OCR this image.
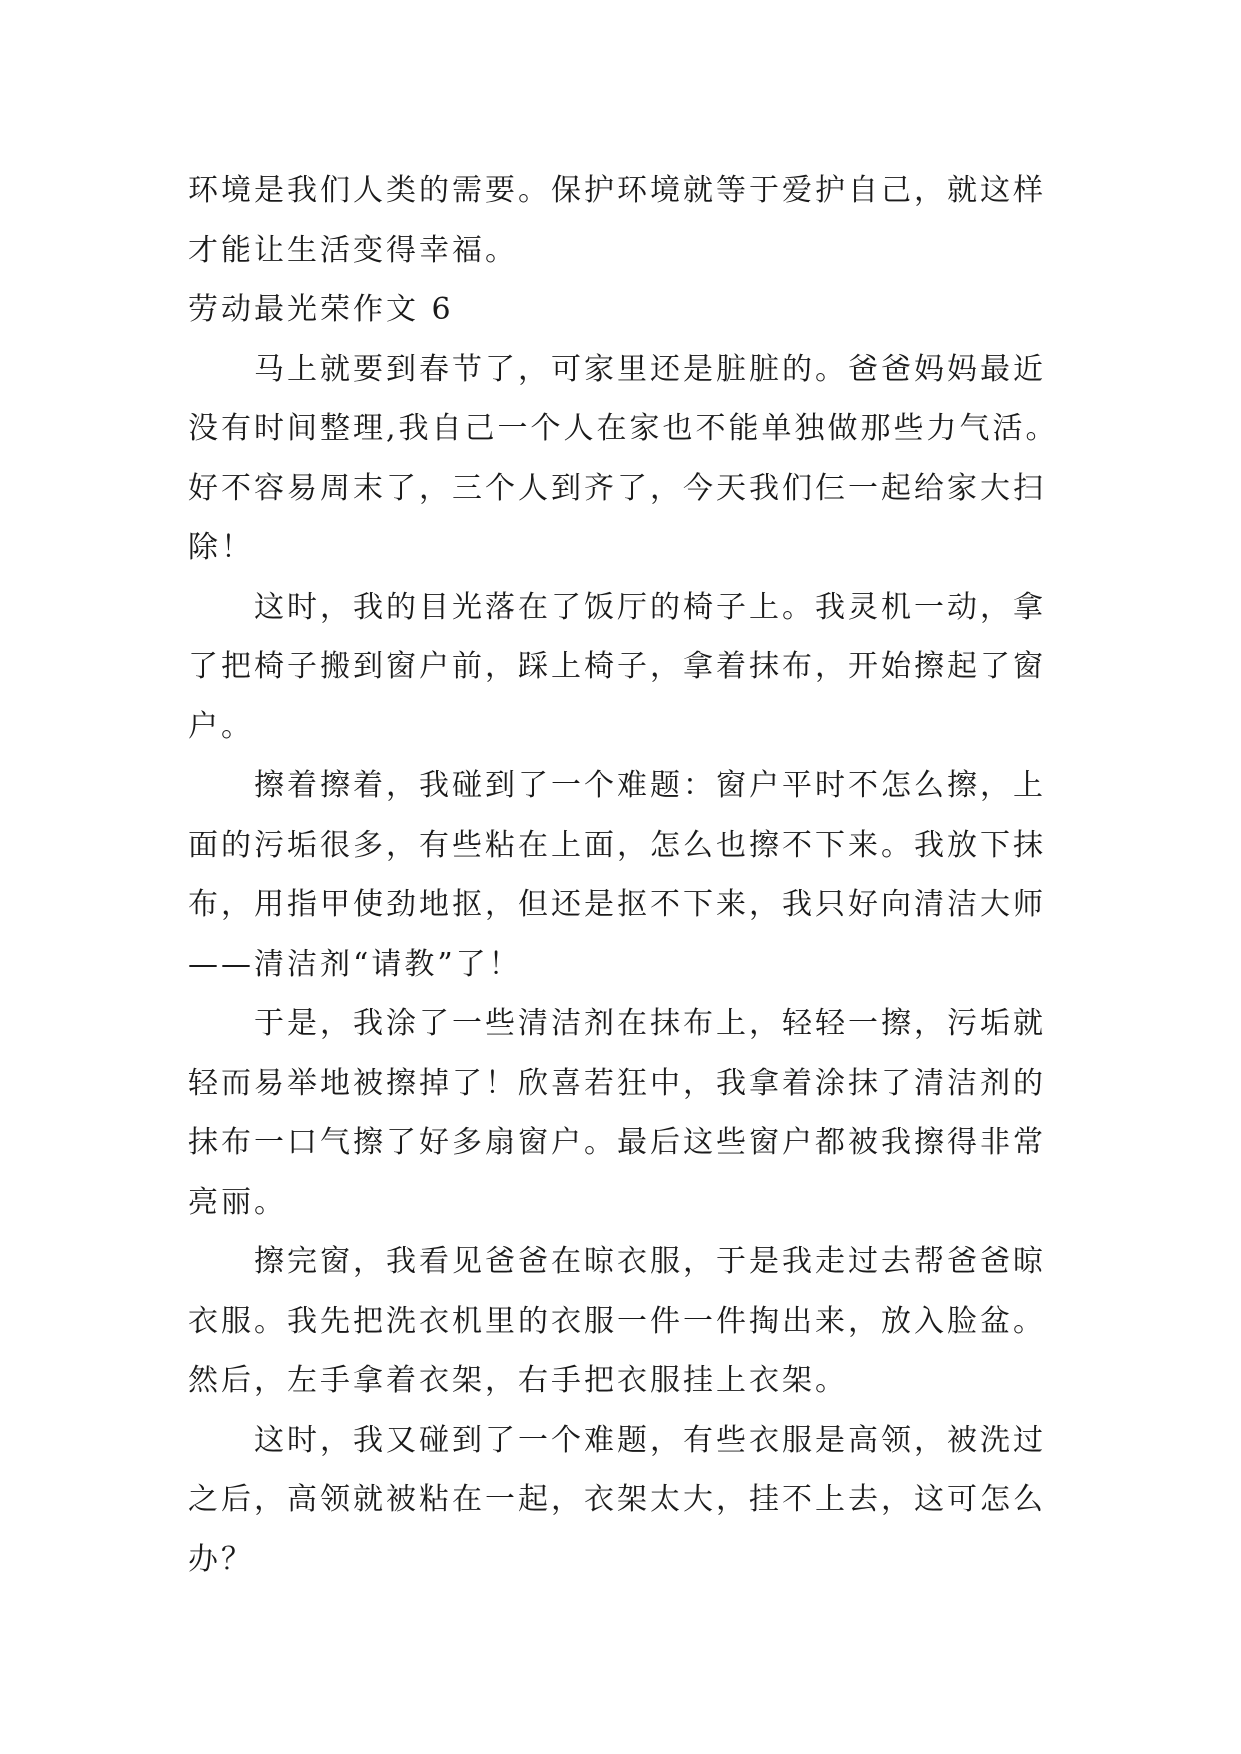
环境是我们人类的需要。保护环境就等于爱护自己，就这样
才能让生活变得幸福。
劳动最光荣作文 6
马上就要到春节了，可家里还是脏脏的。爸爸妈妈最近
没有时间整理,我自己一个人在家也不能单独做那些力气活。
好不容易周末了，三个人到齐了，今天我们仨一起给家大扫
除！
这时，我的目光落在了饭厅的椅子上。我灵机一动，拿
了把椅子搬到窗户前，踩上椅子，拿着抹布，开始擦起了窗
户。
擦着擦着，我碰到了一个难题：窗户平时不怎么擦，上
面的污垢很多，有些粘在上面，怎么也擦不下来。我放下抹
布，用指甲使劲地抠，但还是抠不下来，我只好向清洁大师
——清洁剂“请教”了！
于是，我涂了一些清洁剂在抹布上，轻轻一擦，污垢就
轻而易举地被擦掉了！欣喜若狂中，我拿着涂抹了清洁剂的
抹布一口气擦了好多扇窗户。最后这些窗户都被我擦得非常
亮丽。
擦完窗，我看见爸爸在晾衣服，于是我走过去帮爸爸晾
衣服。我先把洗衣机里的衣服一件一件掏出来，放入脸盆。
然后，左手拿着衣架，右手把衣服挂上衣架。
这时，我又碰到了一个难题，有些衣服是高领，被洗过
之后，高领就被粘在一起，衣架太大，挂不上去，这可怎么
办？
